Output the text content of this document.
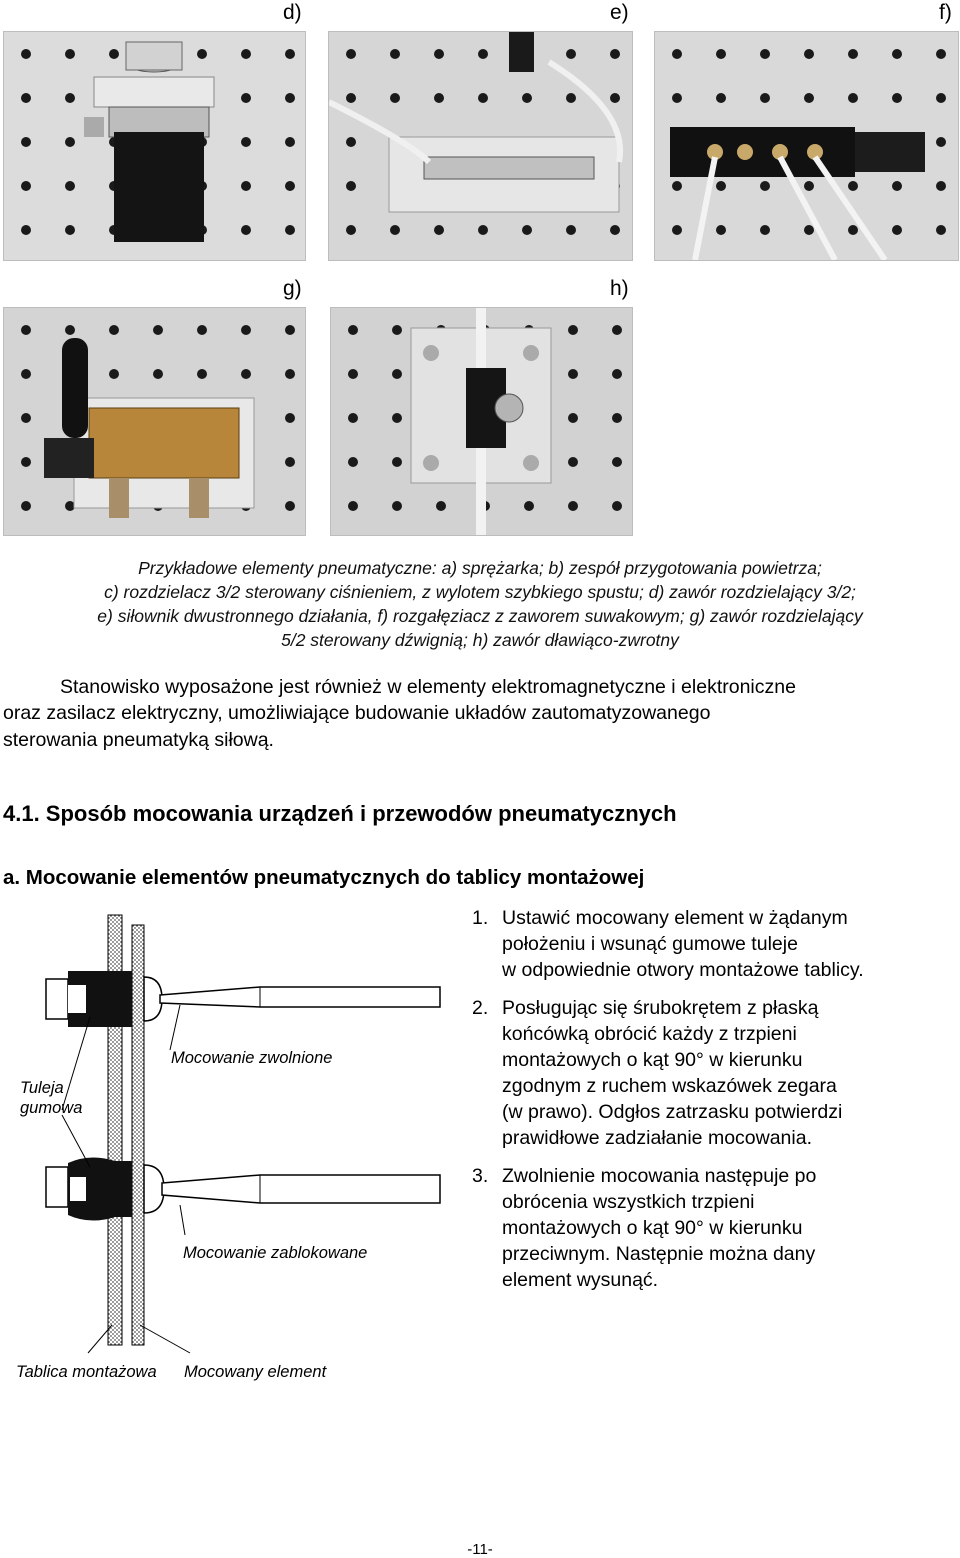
d)	e)	f)
g)	h)
Przykładowe elementy pneumatyczne: a) sprężarka; b) zespół przygotowania powietrza;
c) rozdzielacz 3/2 sterowany ciśnieniem, z wylotem szybkiego spustu; d) zawór rozdzielający 3/2;
e) siłownik dwustronnego działania, f) rozgałęziacz z zaworem suwakowym; g) zawór rozdzielający
5/2 sterowany dźwignią; h) zawór dławiąco-zwrotny
Stanowisko wyposażone jest również w elementy elektromagnetyczne i elektroniczne
oraz zasilacz elektryczny, umożliwiające budowanie układów zautomatyzowanego
sterowania pneumatyką siłową.
4.1. Sposób mocowania urządzeń i przewodów pneumatycznych
a. Mocowanie elementów pneumatycznych do tablicy montażowej
1. Ustawić mocowany element w żądanym
położeniu i wsunąć gumowe tuleje
w odpowiednie otwory montażowe tablicy.
2. Posługując się śrubokrętem z płaską
końcówką obrócić każdy z trzpieni
montażowych o kąt 90° w kierunku
zgodnym z ruchem wskazówek zegara
(w prawo). Odgłos zatrzasku potwierdzi
prawidłowe zadziałanie mocowania.
3. Zwolnienie mocowania następuje po
obrócenia wszystkich trzpieni
montażowych o kąt 90° w kierunku
przeciwnym. Następnie można dany
element wysunąć.
Mocowanie zwolnione
Mocowanie zablokowane
Tuleja
gumowa
Tablica montażowa Mocowany element
-11-
